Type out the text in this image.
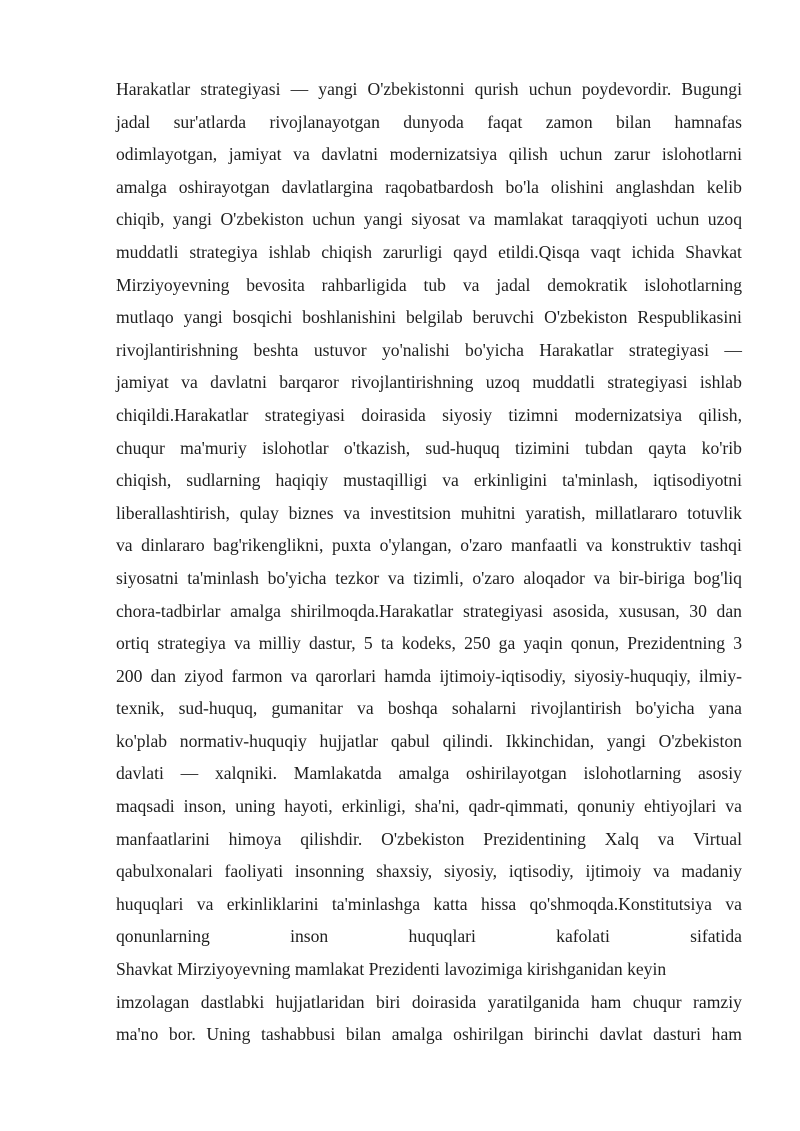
Harakatlar strategiyasi — yangi O'zbekistonni qurish uchun poydevordir. Bugungi
jadal sur'atlarda rivojlanayotgan dunyoda faqat zamon bilan hamnafas
odimlayotgan, jamiyat va davlatni modernizatsiya qilish uchun zarur islohotlarni
amalga oshirayotgan davlatlargina raqobatbardosh bo'la olishini anglashdan kelib
chiqib, yangi O'zbekiston uchun yangi siyosat va mamlakat taraqqiyoti uchun uzoq
muddatli strategiya ishlab chiqish zarurligi qayd etildi.Qisqa vaqt ichida Shavkat
Mirziyoyevning bevosita rahbarligida tub va jadal demokratik islohotlarning
mutlaqo yangi bosqichi boshlanishini belgilab beruvchi O'zbekiston Respublikasini
rivojlantirishning beshta ustuvor yo'nalishi bo'yicha Harakatlar strategiyasi —
jamiyat va davlatni barqaror rivojlantirishning uzoq muddatli strategiyasi ishlab
chiqildi.Harakatlar strategiyasi doirasida siyosiy tizimni modernizatsiya qilish,
chuqur ma'muriy islohotlar o'tkazish, sud-huquq tizimini tubdan qayta ko'rib
chiqish, sudlarning haqiqiy mustaqilligi va erkinligini ta'minlash, iqtisodiyotni
liberallashtirish, qulay biznes va investitsion muhitni yaratish, millatlararo totuvlik
va dinlararo bag'rikenglikni, puxta o'ylangan, o'zaro manfaatli va konstruktiv tashqi
siyosatni ta'minlash bo'yicha tezkor va tizimli, o'zaro aloqador va bir-biriga bog'liq
chora-tadbirlar amalga shirilmoqda.Harakatlar strategiyasi asosida, xususan, 30 dan
ortiq strategiya va milliy dastur, 5 ta kodeks, 250 ga yaqin qonun, Prezidentning 3
200 dan ziyod farmon va qarorlari hamda ijtimoiy-iqtisodiy, siyosiy-huquqiy, ilmiy-
texnik, sud-huquq, gumanitar va boshqa sohalarni rivojlantirish bo'yicha yana
ko'plab normativ-huquqiy hujjatlar qabul qilindi. Ikkinchidan, yangi O'zbekiston
davlati — xalqniki. Mamlakatda amalga oshirilayotgan islohotlarning asosiy
maqsadi inson, uning hayoti, erkinligi, sha'ni, qadr-qimmati, qonuniy ehtiyojlari va
manfaatlarini himoya qilishdir. O'zbekiston Prezidentining Xalq va Virtual
qabulxonalari faoliyati insonning shaxsiy, siyosiy, iqtisodiy, ijtimoiy va madaniy
huquqlari va erkinliklarini ta'minlashga katta hissa qo'shmoqda.Konstitutsiya va
qonunlarning	inson	huquqlari	kafolati	sifatida
Shavkat Mirziyoyevning mamlakat Prezidenti lavozimiga kirishganidan keyin
imzolagan dastlabki hujjatlaridan biri doirasida yaratilganida ham chuqur ramziy
ma'no bor. Uning tashabbusi bilan amalga oshirilgan birinchi davlat dasturi ham
